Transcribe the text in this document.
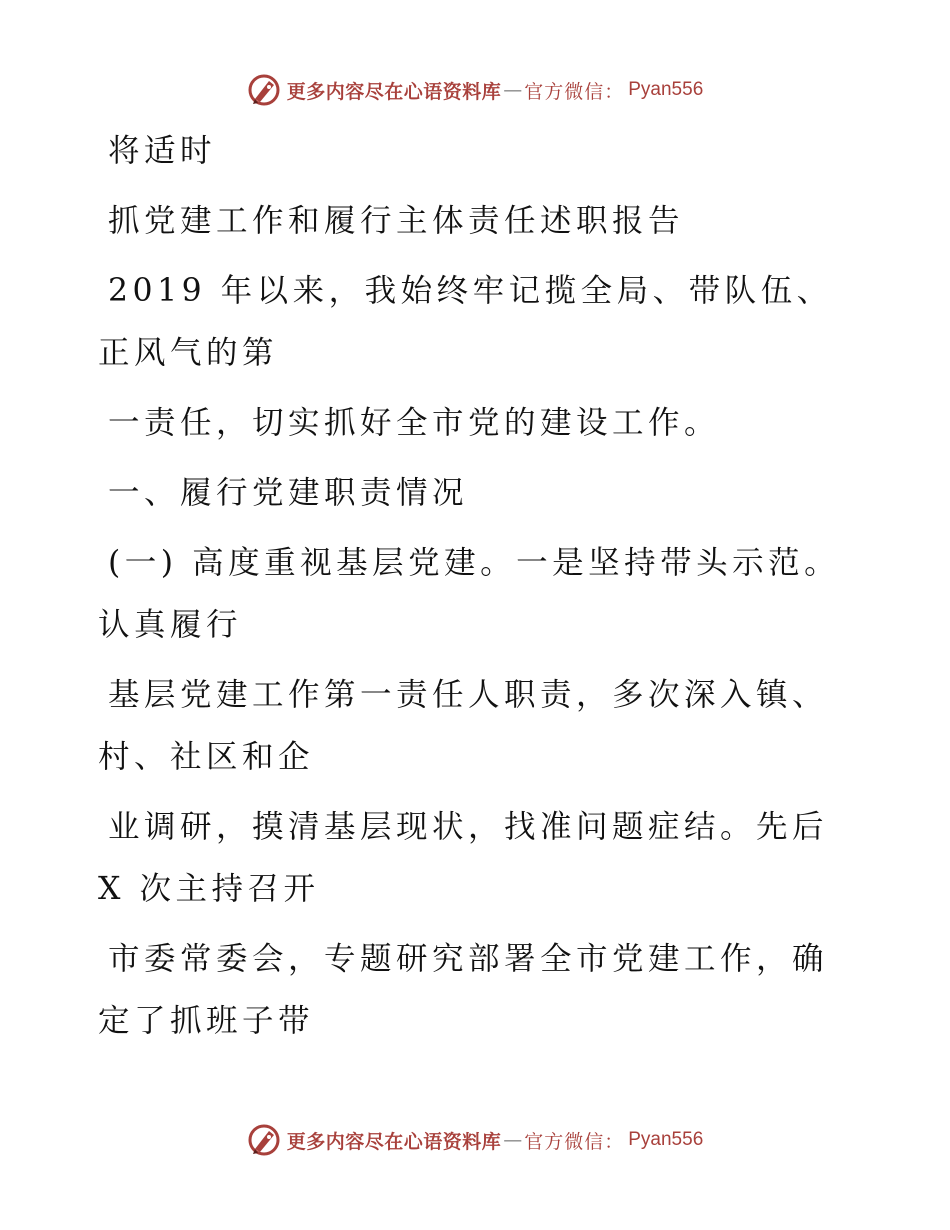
更多内容尽在心语资料库 — 官方微信： Pyan556

将适时

抓党建工作和履行主体责任述职报告

2019 年以来，我始终牢记揽全局、带队伍、正风气的第

一责任，切实抓好全市党的建设工作。

一、履行党建职责情况

(一) 高度重视基层党建。一是坚持带头示范。认真履行

基层党建工作第一责任人职责，多次深入镇、村、社区和企

业调研，摸清基层现状，找准问题症结。先后 X 次主持召开

市委常委会，专题研究部署全市党建工作，确定了抓班子带

更多内容尽在心语资料库 — 官方微信： Pyan556
